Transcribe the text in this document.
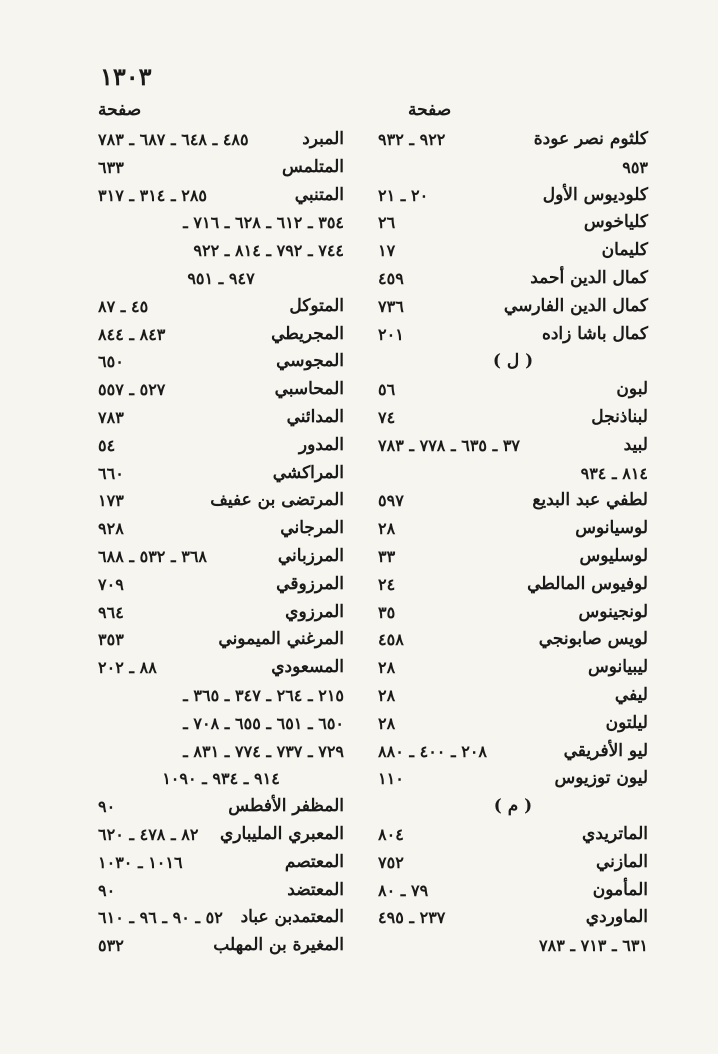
١٣٠٣
صفحة
كلثوم نصر عودة
٩٢٢ ـ ٩٣٢
٩٥٣
كلوديوس الأول
٢٠ ـ ٢١
كلياخوس
٢٦
كليمان
١٧
كمال الدين أحمد
٤٥٩
كمال الدين الفارسي
٧٣٦
كمال باشا زاده
٢٠١
( ل )
لبون
٥٦
لبناذنجل
٧٤
لبيد
٣٧ ـ ٦٣٥ ـ ٧٧٨ ـ ٧٨٣
٨١٤ ـ ٩٣٤
لطفي عبد البديع
٥٩٧
لوسيانوس
٢٨
لوسليوس
٣٣
لوفيوس المالطي
٢٤
لونجينوس
٣٥
لويس صابونجي
٤٥٨
ليبيانوس
٢٨
ليفي
٢٨
ليلتون
٢٨
ليو الأفريقي
٢٠٨ ـ ٤٠٠ ـ ٨٨٠
ليون توزيوس
١١٠
( م )
الماتريدي
٨٠٤
المازني
٧٥٢
المأمون
٧٩ ـ ٨٠
الماوردي
٢٣٧ ـ ٤٩٥
٦٣١ ـ ٧١٣ ـ ٧٨٣
صفحة
المبرد
٤٨٥ ـ ٦٤٨ ـ ٦٨٧ ـ ٧٨٣
المتلمس
٦٣٣
المتنبي
٢٨٥ ـ ٣١٤ ـ ٣١٧
٣٥٤ ـ ٦١٢ ـ ٦٢٨ ـ ٧١٦ ـ
٧٤٤ ـ ٧٩٢ ـ ٨١٤ ـ ٩٢٢
٩٤٧ ـ ٩٥١
المتوكل
٤٥ ـ ٨٧
المجريطي
٨٤٣ ـ ٨٤٤
المجوسي
٦٥٠
المحاسبي
٥٢٧ ـ ٥٥٧
المدائني
٧٨٣
المدور
٥٤
المراكشي
٦٦٠
المرتضى بن عفيف
١٧٣
المرجاني
٩٢٨
المرزباني
٣٦٨ ـ ٥٣٢ ـ ٦٨٨
المرزوقي
٧٠٩
المرزوي
٩٦٤
المرغني الميموني
٣٥٣
المسعودي
٨٨ ـ ٢٠٢
٢١٥ ـ ٢٦٤ ـ ٣٤٧ ـ ٣٦٥ ـ
٦٥٠ ـ ٦٥١ ـ ٦٥٥ ـ ٧٠٨ ـ
٧٢٩ ـ ٧٣٧ ـ ٧٧٤ ـ ٨٣١ ـ
٩١٤ ـ ٩٣٤ ـ ١٠٩٠
المظفر الأفطس
٩٠
المعبري المليباري
٨٢ ـ ٤٧٨ ـ ٦٢٠
المعتصم
١٠١٦ ـ ١٠٣٠
المعتضد
٩٠
المعتمدبن عباد
٥٢ ـ ٩٠ ـ ٩٦ ـ ٦١٠
المغيرة بن المهلب
٥٣٢
